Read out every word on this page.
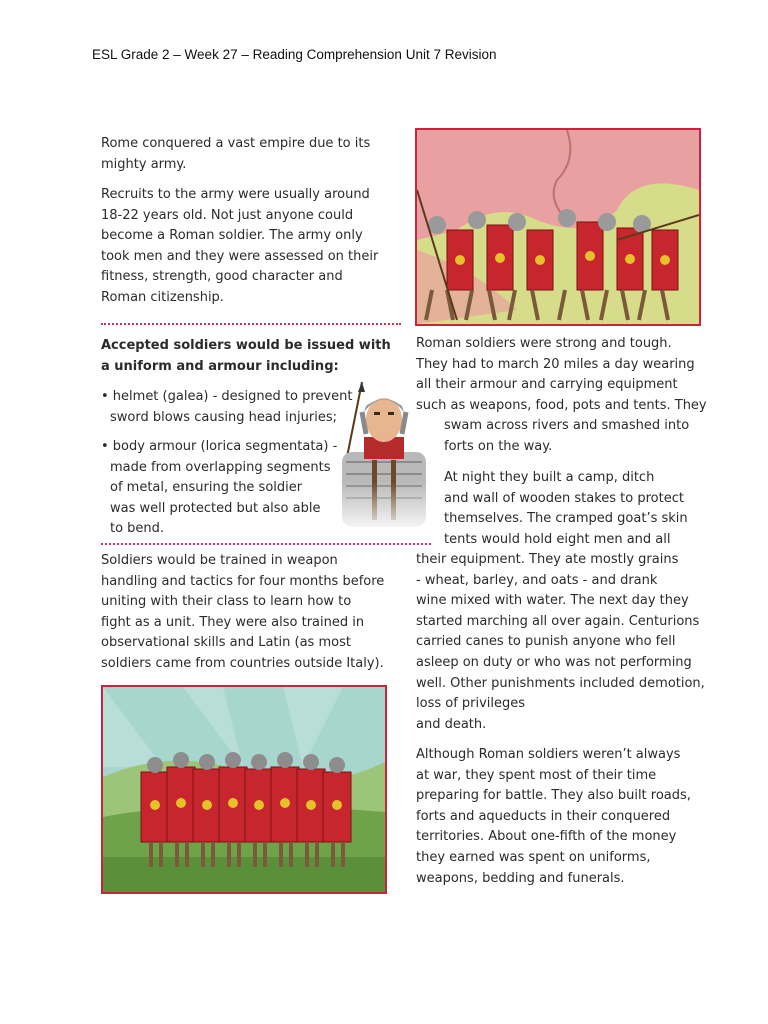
ESL Grade 2 – Week 27 – Reading Comprehension Unit 7 Revision
Rome conquered a vast empire due to its
mighty army.
Recruits to the army were usually around
18-22 years old. Not just anyone could
become a Roman soldier. The army only
took men and they were assessed on their
fitness, strength, good character and
Roman citizenship.
Accepted soldiers would be issued with
a uniform and armour including:
• helmet (galea) - designed to prevent
sword blows causing head injuries;
• body armour (lorica segmentata) -
made from overlapping segments
of metal, ensuring the soldier
was well protected but also able
to bend.
Soldiers would be trained in weapon
handling and tactics for four months before
uniting with their class to learn how to
fight as a unit. They were also trained in
observational skills and Latin (as most
soldiers came from countries outside Italy).
Roman soldiers were strong and tough.
They had to march 20 miles a day wearing
all their armour and carrying equipment
such as weapons, food, pots and tents. They
swam across rivers and smashed into
forts on the way.
At night they built a camp, ditch
and wall of wooden stakes to protect
themselves. The cramped goat’s skin
tents would hold eight men and all
their equipment. They ate mostly grains
- wheat, barley, and oats - and drank
wine mixed with water. The next day they
started marching all over again. Centurions
carried canes to punish anyone who fell
asleep on duty or who was not performing
well. Other punishments included demotion,
loss of privileges
and death.
Although Roman soldiers weren’t always
at war, they spent most of their time
preparing for battle. They also built roads,
forts and aqueducts in their conquered
territories. About one-fifth of the money
they earned was spent on uniforms,
weapons, bedding and funerals.
